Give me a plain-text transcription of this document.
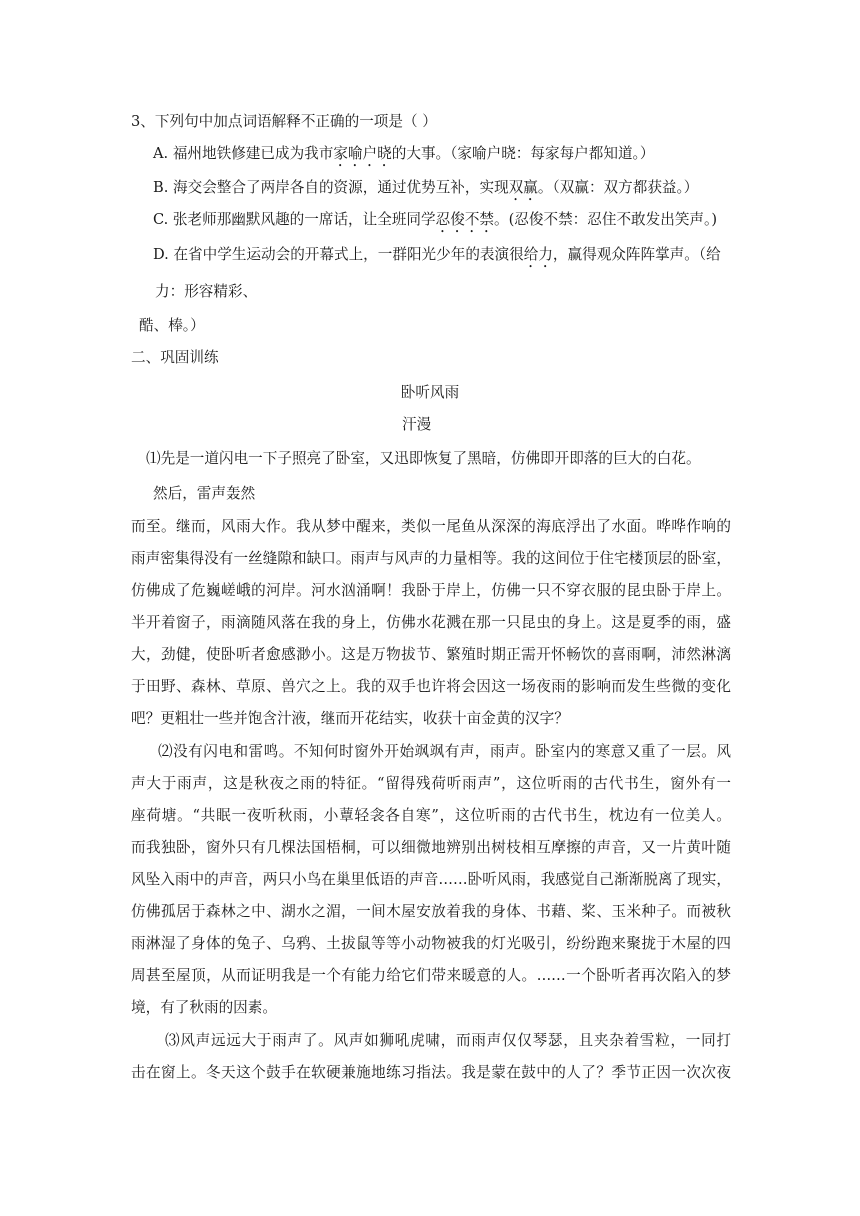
3、下列句中加点词语解释不正确的一项是（ ）
A. 福州地铁修建已成为我市家喻户晓的大事。（家喻户晓：每家每户都知道。）
B. 海交会整合了两岸各自的资源，通过优势互补，实现双赢。（双赢：双方都获益。）
C. 张老师那幽默风趣的一席话，让全班同学忍俊不禁。(忍俊不禁：忍住不敢发出笑声。)
D. 在省中学生运动会的开幕式上，一群阳光少年的表演很给力，赢得观众阵阵掌声。（给
力：形容精彩、
酷、棒。）
二、巩固训练
卧听风雨
汗漫
⑴先是一道闪电一下子照亮了卧室，又迅即恢复了黑暗，仿佛即开即落的巨大的白花。
然后，雷声轰然
而至。继而，风雨大作。我从梦中醒来，类似一尾鱼从深深的海底浮出了水面。哗哗作响的
雨声密集得没有一丝缝隙和缺口。雨声与风声的力量相等。我的这间位于住宅楼顶层的卧室，
仿佛成了危巍嵯峨的河岸。河水汹涌啊！我卧于岸上，仿佛一只不穿衣服的昆虫卧于岸上。
半开着窗子，雨滴随风落在我的身上，仿佛水花溅在那一只昆虫的身上。这是夏季的雨，盛
大，劲健，使卧听者愈感渺小。这是万物拔节、繁殖时期正需开怀畅饮的喜雨啊，沛然淋漓
于田野、森林、草原、兽穴之上。我的双手也许将会因这一场夜雨的影响而发生些微的变化
吧？更粗壮一些并饱含汁液，继而开花结实，收获十亩金黄的汉字？
⑵没有闪电和雷鸣。不知何时窗外开始飒飒有声，雨声。卧室内的寒意又重了一层。风
声大于雨声，这是秋夜之雨的特征。“留得残荷听雨声”，这位听雨的古代书生，窗外有一
座荷塘。“共眠一夜听秋雨，小蕈轻衾各自寒”，这位听雨的古代书生，枕边有一位美人。
而我独卧，窗外只有几棵法国梧桐，可以细微地辨别出树枝相互摩擦的声音，又一片黄叶随
风坠入雨中的声音，两只小鸟在巢里低语的声音……卧听风雨，我感觉自己渐渐脱离了现实，
仿佛孤居于森林之中、湖水之湄，一间木屋安放着我的身体、书藉、桨、玉米种子。而被秋
雨淋湿了身体的兔子、乌鸦、土拔鼠等等小动物被我的灯光吸引，纷纷跑来聚拢于木屋的四
周甚至屋顶，从而证明我是一个有能力给它们带来暖意的人。……一个卧听者再次陷入的梦
境，有了秋雨的因素。
⑶风声远远大于雨声了。风声如狮吼虎啸，而雨声仅仅琴瑟，且夹杂着雪粒，一同打
击在窗上。冬天这个鼓手在软硬兼施地练习指法。我是蒙在鼓中的人了？季节正因一次次夜
